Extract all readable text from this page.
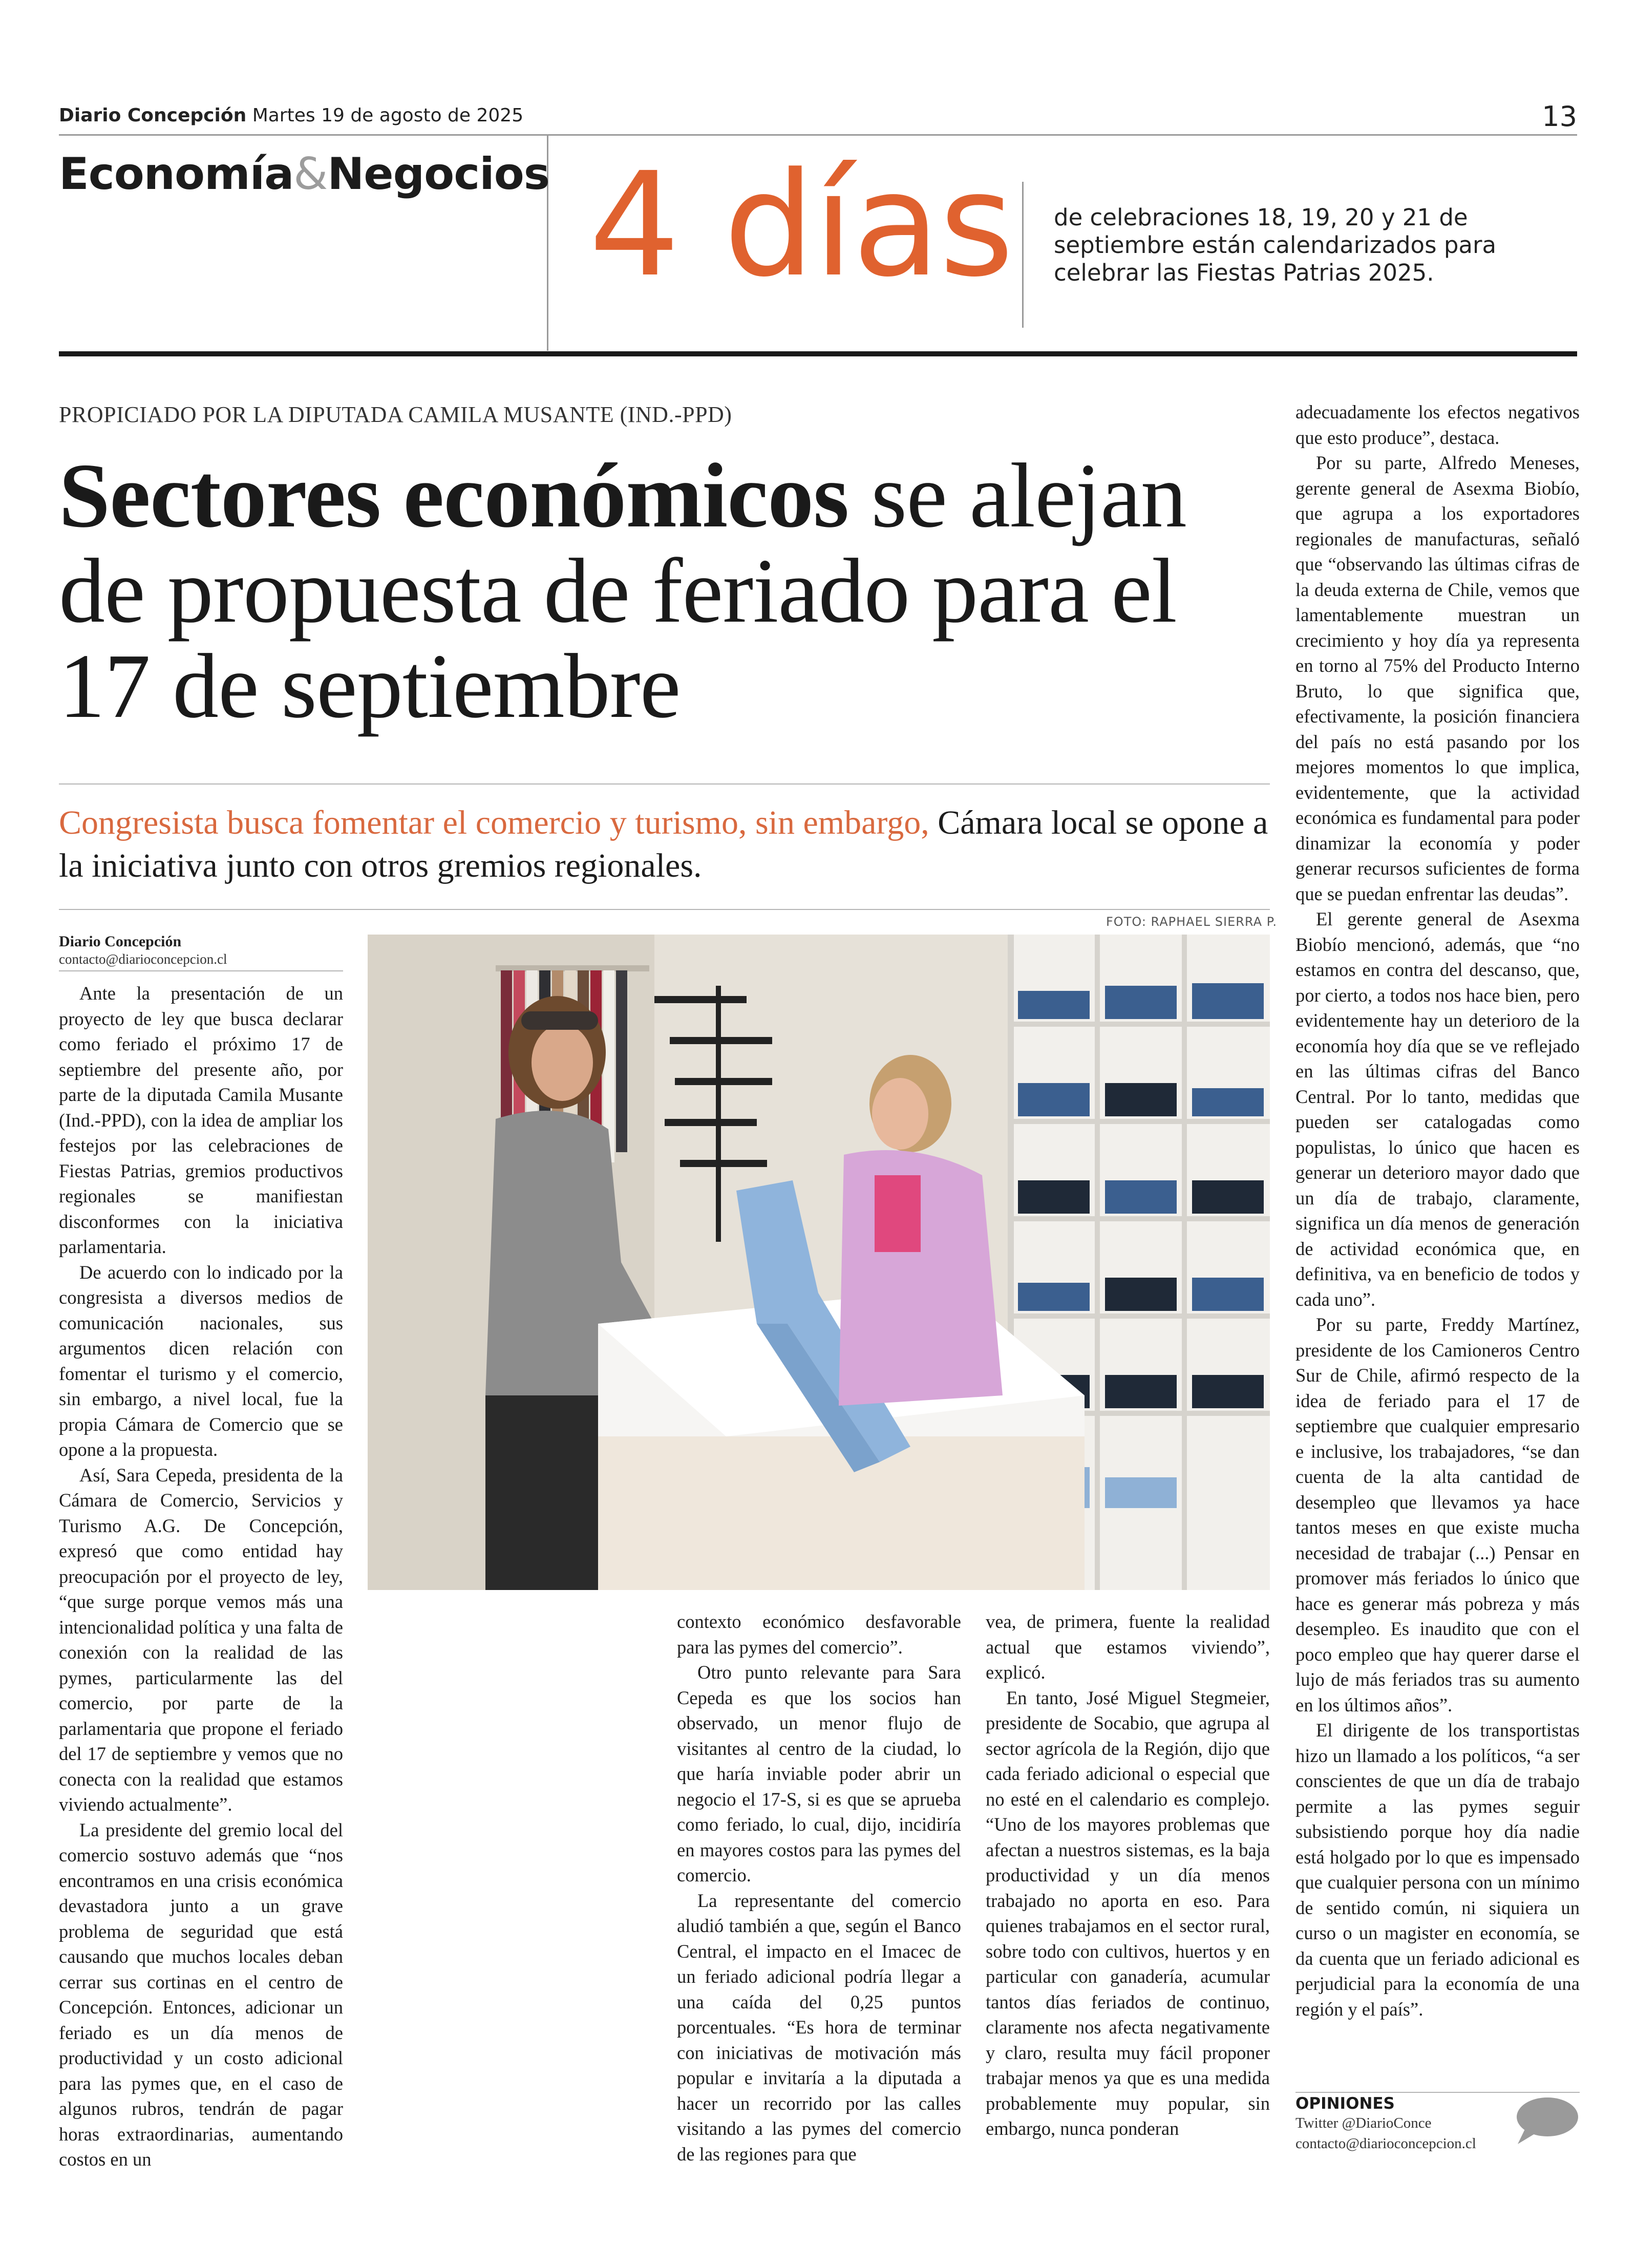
Diario Concepción Martes 19 de agosto de 2025	13
Economía&Negocios 4 días de celebraciones 18, 19, 20 y 21 de septiembre están calendarizados para celebrar las Fiestas Patrias 2025.
PROPICIADO POR LA DIPUTADA CAMILA MUSANTE (IND.-PPD)
Sectores económicos se alejan de propuesta de feriado para el 17 de septiembre
Congresista busca fomentar el comercio y turismo, sin embargo, Cámara local se opone a la iniciativa junto con otros gremios regionales.
FOTO: RAPHAEL SIERRA P.
Diario Concepción
contacto@diarioconcepcion.cl

Ante la presentación de un proyecto de ley que busca declarar como feriado el próximo 17 de septiembre del presente año, por parte de la diputada Camila Musante (Ind.-PPD), con la idea de ampliar los festejos por las celebraciones de Fiestas Patrias, gremios productivos regionales se manifiestan disconformes con la iniciativa parlamentaria.

De acuerdo con lo indicado por la congresista a diversos medios de comunicación nacionales, sus argumentos dicen relación con fomentar el turismo y el comercio, sin embargo, a nivel local, fue la propia Cámara de Comercio que se opone a la propuesta.

Así, Sara Cepeda, presidenta de la Cámara de Comercio, Servicios y Turismo A.G. De Concepción, expresó que como entidad hay preocupación por el proyecto de ley, “que surge porque vemos más una intencionalidad política y una falta de conexión con la realidad de las pymes, particularmente las del comercio, por parte de la parlamentaria que propone el feriado del 17 de septiembre y vemos que no conecta con la realidad que estamos viviendo actualmente”.

La presidente del gremio local del comercio sostuvo además que “nos encontramos en una crisis económica devastadora junto a un grave problema de seguridad que está causando que muchos locales deban cerrar sus cortinas en el centro de Concepción. Entonces, adicionar un feriado es un día menos de productividad y un costo adicional para las pymes que, en el caso de algunos rubros, tendrán de pagar horas extraordinarias, aumentando costos en un

contexto económico desfavorable para las pymes del comercio”.

Otro punto relevante para Sara Cepeda es que los socios han observado, un menor flujo de visitantes al centro de la ciudad, lo que haría inviable poder abrir un negocio el 17-S, si es que se aprueba como feriado, lo cual, dijo, incidiría en mayores costos para las pymes del comercio.

La representante del comercio aludió también a que, según el Banco Central, el impacto en el Imacec de un feriado adicional podría llegar a una caída del 0,25 puntos porcentuales. “Es hora de terminar con iniciativas de motivación más popular e invitaría a la diputada a hacer un recorrido por las calles visitando a las pymes del comercio de las regiones para que

vea, de primera, fuente la realidad actual que estamos viviendo”, explicó.

En tanto, José Miguel Stegmeier, presidente de Socabio, que agrupa al sector agrícola de la Región, dijo que cada feriado adicional o especial que no esté en el calendario es complejo. “Uno de los mayores problemas que afectan a nuestros sistemas, es la baja productividad y un día menos trabajado no aporta en eso. Para quienes trabajamos en el sector rural, sobre todo con cultivos, huertos y en particular con ganadería, acumular tantos días feriados de continuo, claramente nos afecta negativamente y claro, resulta muy fácil proponer trabajar menos ya que es una medida probablemente muy popular, sin embargo, nunca ponderan

adecuadamente los efectos negativos que esto produce”, destaca.

Por su parte, Alfredo Meneses, gerente general de Asexma Biobío, que agrupa a los exportadores regionales de manufacturas, señaló que “observando las últimas cifras de la deuda externa de Chile, vemos que lamentablemente muestran un crecimiento y hoy día ya representa en torno al 75% del Producto Interno Bruto, lo que significa que, efectivamente, la posición financiera del país no está pasando por los mejores momentos lo que implica, evidentemente, que la actividad económica es fundamental para poder dinamizar la economía y poder generar recursos suficientes de forma que se puedan enfrentar las deudas”.

El gerente general de Asexma Biobío mencionó, además, que “no estamos en contra del descanso, que, por cierto, a todos nos hace bien, pero evidentemente hay un deterioro de la economía hoy día que se ve reflejado en las últimas cifras del Banco Central. Por lo tanto, medidas que pueden ser catalogadas como populistas, lo único que hacen es generar un deterioro mayor dado que un día de trabajo, claramente, significa un día menos de generación de actividad económica que, en definitiva, va en beneficio de todos y cada uno”.

Por su parte, Freddy Martínez, presidente de los Camioneros Centro Sur de Chile, afirmó respecto de la idea de feriado para el 17 de septiembre que cualquier empresario e inclusive, los trabajadores, “se dan cuenta de la alta cantidad de desempleo que llevamos ya hace tantos meses en que existe mucha necesidad de trabajar (...) Pensar en promover más feriados lo único que hace es generar más pobreza y más desempleo. Es inaudito que con el poco empleo que hay querer darse el lujo de más feriados tras su aumento en los últimos años”.

El dirigente de los transportistas hizo un llamado a los políticos, “a ser conscientes de que un día de trabajo permite a las pymes seguir subsistiendo porque hoy día nadie está holgado por lo que es impensado que cualquier persona con un mínimo de sentido común, ni siquiera un curso o un magister en economía, se da cuenta que un feriado adicional es perjudicial para la economía de una región y el país”.

OPINIONES
Twitter @DiarioConce
contacto@diarioconcepcion.cl
